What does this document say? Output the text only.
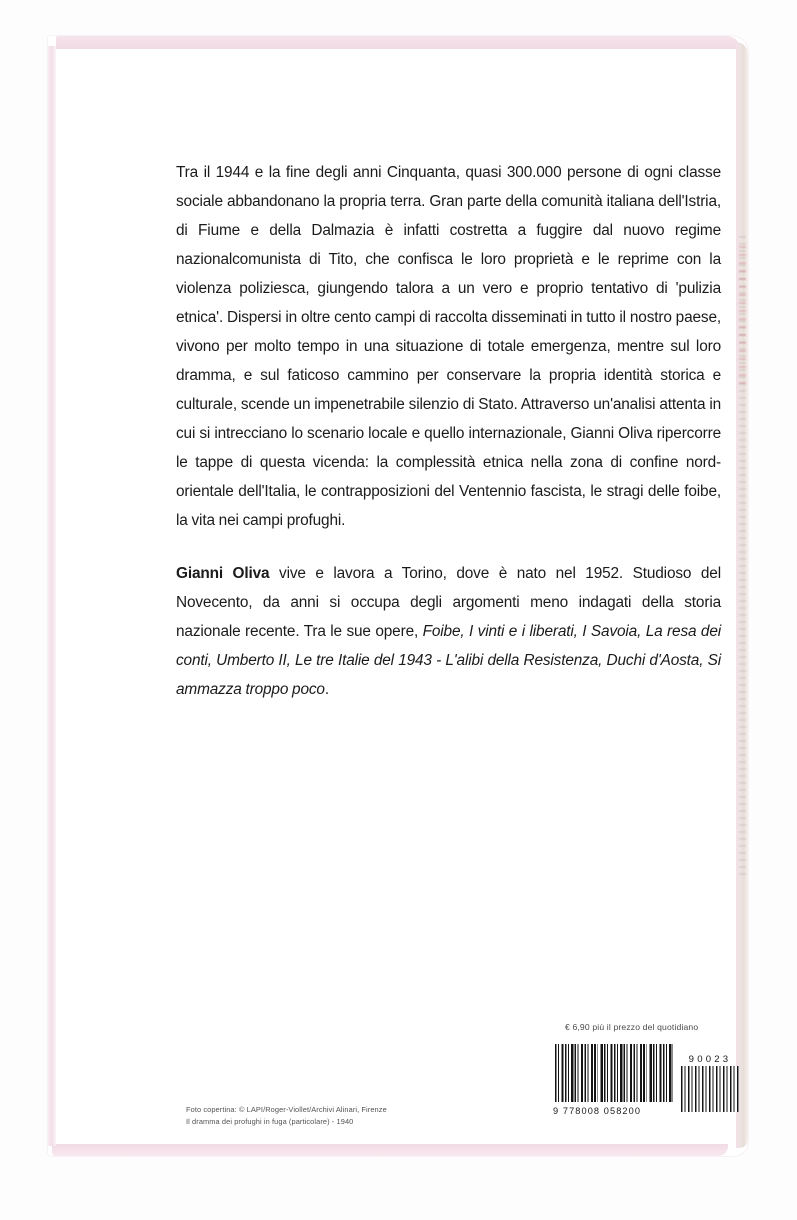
Tra il 1944 e la fine degli anni Cinquanta, quasi 300.000 persone di ogni classe sociale abbandonano la propria terra. Gran parte della comunità italiana dell'Istria, di Fiume e della Dalmazia è infatti costretta a fuggire dal nuovo regime nazionalcomunista di Tito, che confisca le loro proprietà e le reprime con la violenza poliziesca, giungendo talora a un vero e proprio tentativo di 'pulizia etnica'. Dispersi in oltre cento campi di raccolta disseminati in tutto il nostro paese, vivono per molto tempo in una situazione di totale emergenza, mentre sul loro dramma, e sul faticoso cammino per conservare la propria identità storica e culturale, scende un impenetrabile silenzio di Stato. Attraverso un'analisi attenta in cui si intrecciano lo scenario locale e quello internazionale, Gianni Oliva ripercorre le tappe di questa vicenda: la complessità etnica nella zona di confine nord-orientale dell'Italia, le contrapposizioni del Ventennio fascista, le stragi delle foibe, la vita nei campi profughi.

Gianni Oliva vive e lavora a Torino, dove è nato nel 1952. Studioso del Novecento, da anni si occupa degli argomenti meno indagati della storia nazionale recente. Tra le sue opere, Foibe, I vinti e i liberati, I Savoia, La resa dei conti, Umberto II, Le tre Italie del 1943 - L'alibi della Resistenza, Duchi d'Aosta, Si ammazza troppo poco.

€ 6,90 più il prezzo del quotidiano
9 778008 058200
90023
Foto copertina: © LAPI/Roger-Viollet/Archivi Alinari, Firenze
Il dramma dei profughi in fuga (particolare) - 1940
